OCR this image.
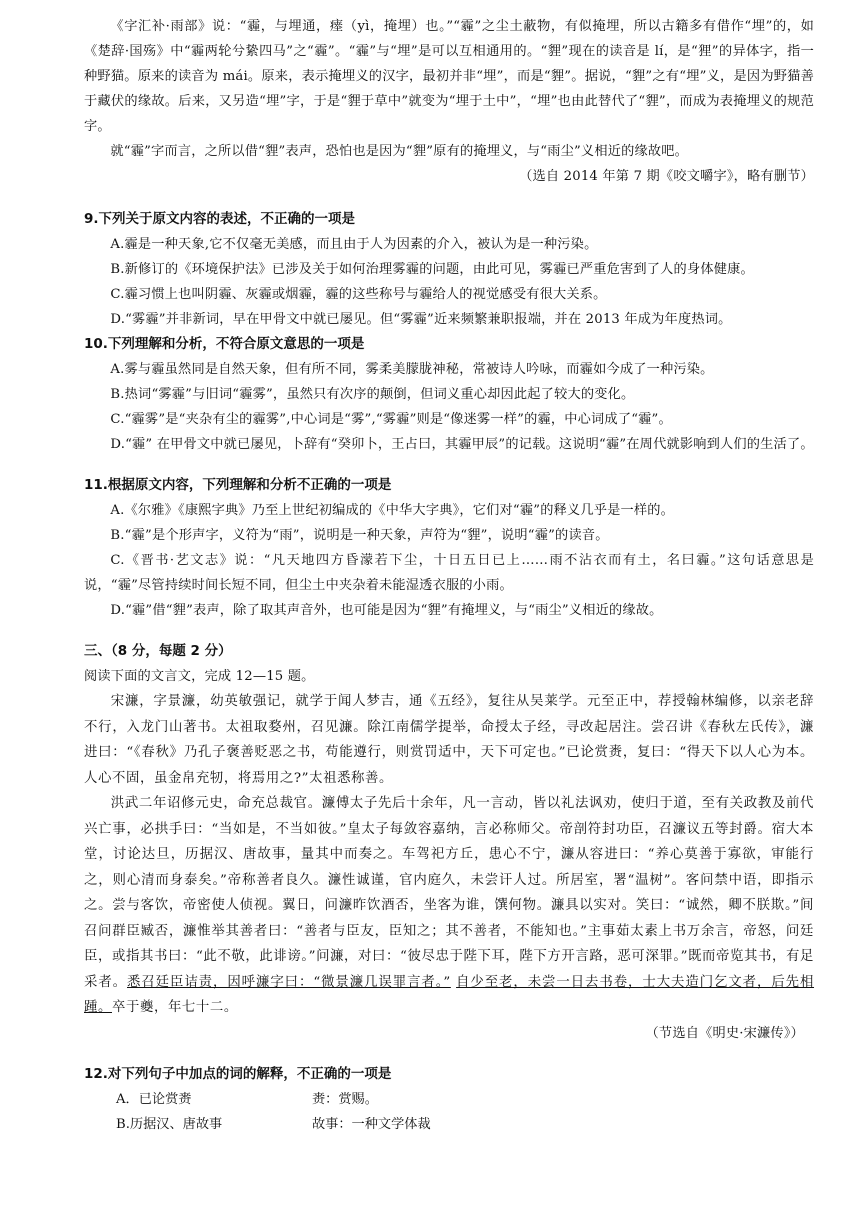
《字汇补·雨部》说：“霾，与埋通，瘗（yì，掩埋）也。”“霾”之尘土蔽物，有似掩埋，所以古籍多有借作“埋”的，如《楚辞·国殇》中“霾两轮兮絷四马”之“霾”。“霾”与“埋”是可以互相通用的。“貍”现在的读音是 lí，是“狸”的异体字，指一种野猫。原来的读音为 mái。原来，表示掩埋义的汉字，最初并非“埋”，而是“貍”。据说，“貍”之有“埋”义，是因为野猫善于藏伏的缘故。后来，又另造“埋”字，于是“貍于草中”就变为“埋于土中”，“埋”也由此替代了“貍”，而成为表掩埋义的规范字。

就“霾”字而言，之所以借“貍”表声，恐怕也是因为“貍”原有的掩埋义，与“雨尘”义相近的缘故吧。

（选自 2014 年第 7 期《咬文嚼字》，略有删节）

9.下列关于原文内容的表述，不正确的一项是

A.霾是一种天象,它不仅毫无美感，而且由于人为因素的介入，被认为是一种污染。

B.新修订的《环境保护法》已涉及关于如何治理雾霾的问题，由此可见，雾霾已严重危害到了人的身体健康。

C.霾习惯上也叫阴霾、灰霾或烟霾，霾的这些称号与霾给人的视觉感受有很大关系。

D.“雾霾”并非新词，早在甲骨文中就已屡见。但“雾霾”近来频繁兼职报端，并在 2013 年成为年度热词。

10.下列理解和分析，不符合原文意思的一项是

A.雾与霾虽然同是自然天象，但有所不同，雾柔美朦胧神秘，常被诗人吟咏，而霾如今成了一种污染。

B.热词“雾霾”与旧词“霾雾”，虽然只有次序的颠倒，但词义重心却因此起了较大的变化。

C.“霾雾”是“夹杂有尘的霾雾”,中心词是“雾”,“雾霾”则是“像迷雾一样”的霾，中心词成了“霾”。

D.“霾” 在甲骨文中就已屡见，卜辞有“癸卯卜，王占曰，其霾甲辰”的记载。这说明“霾”在周代就影响到人们的生活了。

11.根据原文内容，下列理解和分析不正确的一项是

A.《尔雅》《康熙字典》乃至上世纪初编成的《中华大字典》，它们对“霾”的释义几乎是一样的。

B.“霾”是个形声字，义符为“雨”，说明是一种天象，声符为“貍”，说明“霾”的读音。

C.《晋书·艺文志》说：“凡天地四方昏濛若下尘，十日五日已上……雨不沾衣而有土，名曰霾。”这句话意思是说，“霾”尽管持续时间长短不同，但尘土中夹杂着未能湿透衣服的小雨。

D.“霾”借“貍”表声，除了取其声音外，也可能是因为“貍”有掩埋义，与“雨尘”义相近的缘故。

三、（8 分，每题 2 分）
阅读下面的文言文，完成 12—15 题。

宋濂，字景濂，幼英敏强记，就学于闻人梦吉，通《五经》，复往从吴莱学。元至正中，荐授翰林编修，以亲老辞不行，入龙门山著书。太祖取婺州，召见濂。除江南儒学提举，命授太子经，寻改起居注。尝召讲《春秋左氏传》，濂进曰：“《春秋》乃孔子褒善贬恶之书，苟能遵行，则赏罚适中，天下可定也。”已论赏赉，复曰：“得天下以人心为本。人心不固，虽金帛充牣，将焉用之?”太祖悉称善。

洪武二年诏修元史，命充总裁官。濂傅太子先后十余年，凡一言动，皆以礼法讽劝，使归于道，至有关政教及前代兴亡事，必拱手曰：“当如是，不当如彼。”皇太子每敛容嘉纳，言必称师父。帝剖符封功臣，召濂议五等封爵。宿大本堂，讨论达旦，历据汉、唐故事，量其中而奏之。车驾祀方丘，患心不宁，濂从容进曰：“养心莫善于寡欲，审能行之，则心清而身泰矣。”帝称善者良久。濂性诚谨，官内庭久，未尝讦人过。所居室，署“温树”。客问禁中语，即指示之。尝与客饮，帝密使人侦视。翼日，问濂昨饮酒否，坐客为谁，馔何物。濂具以实对。笑曰：“诚然，卿不朕欺。”间召问群臣臧否，濂惟举其善者曰：“善者与臣友，臣知之；其不善者，不能知也。”主事茹太素上书万余言，帝怒，问廷臣，或指其书曰：“此不敬，此诽谤。”问濂，对曰：“彼尽忠于陛下耳，陛下方开言路，恶可深罪。”既而帝览其书，有足采者。悉召廷臣诘责，因呼濂字曰：“微景濂几误罪言者。” 自少至老，未尝一日去书卷，士大夫造门乞文者，后先相踵。卒于夔，年七十二。

（节选自《明史·宋濂传》）

12.对下列句子中加点的词的解释，不正确的一项是
A．已论赏赉	赉：赏赐。
B.历据汉、唐故事	故事：一种文学体裁
